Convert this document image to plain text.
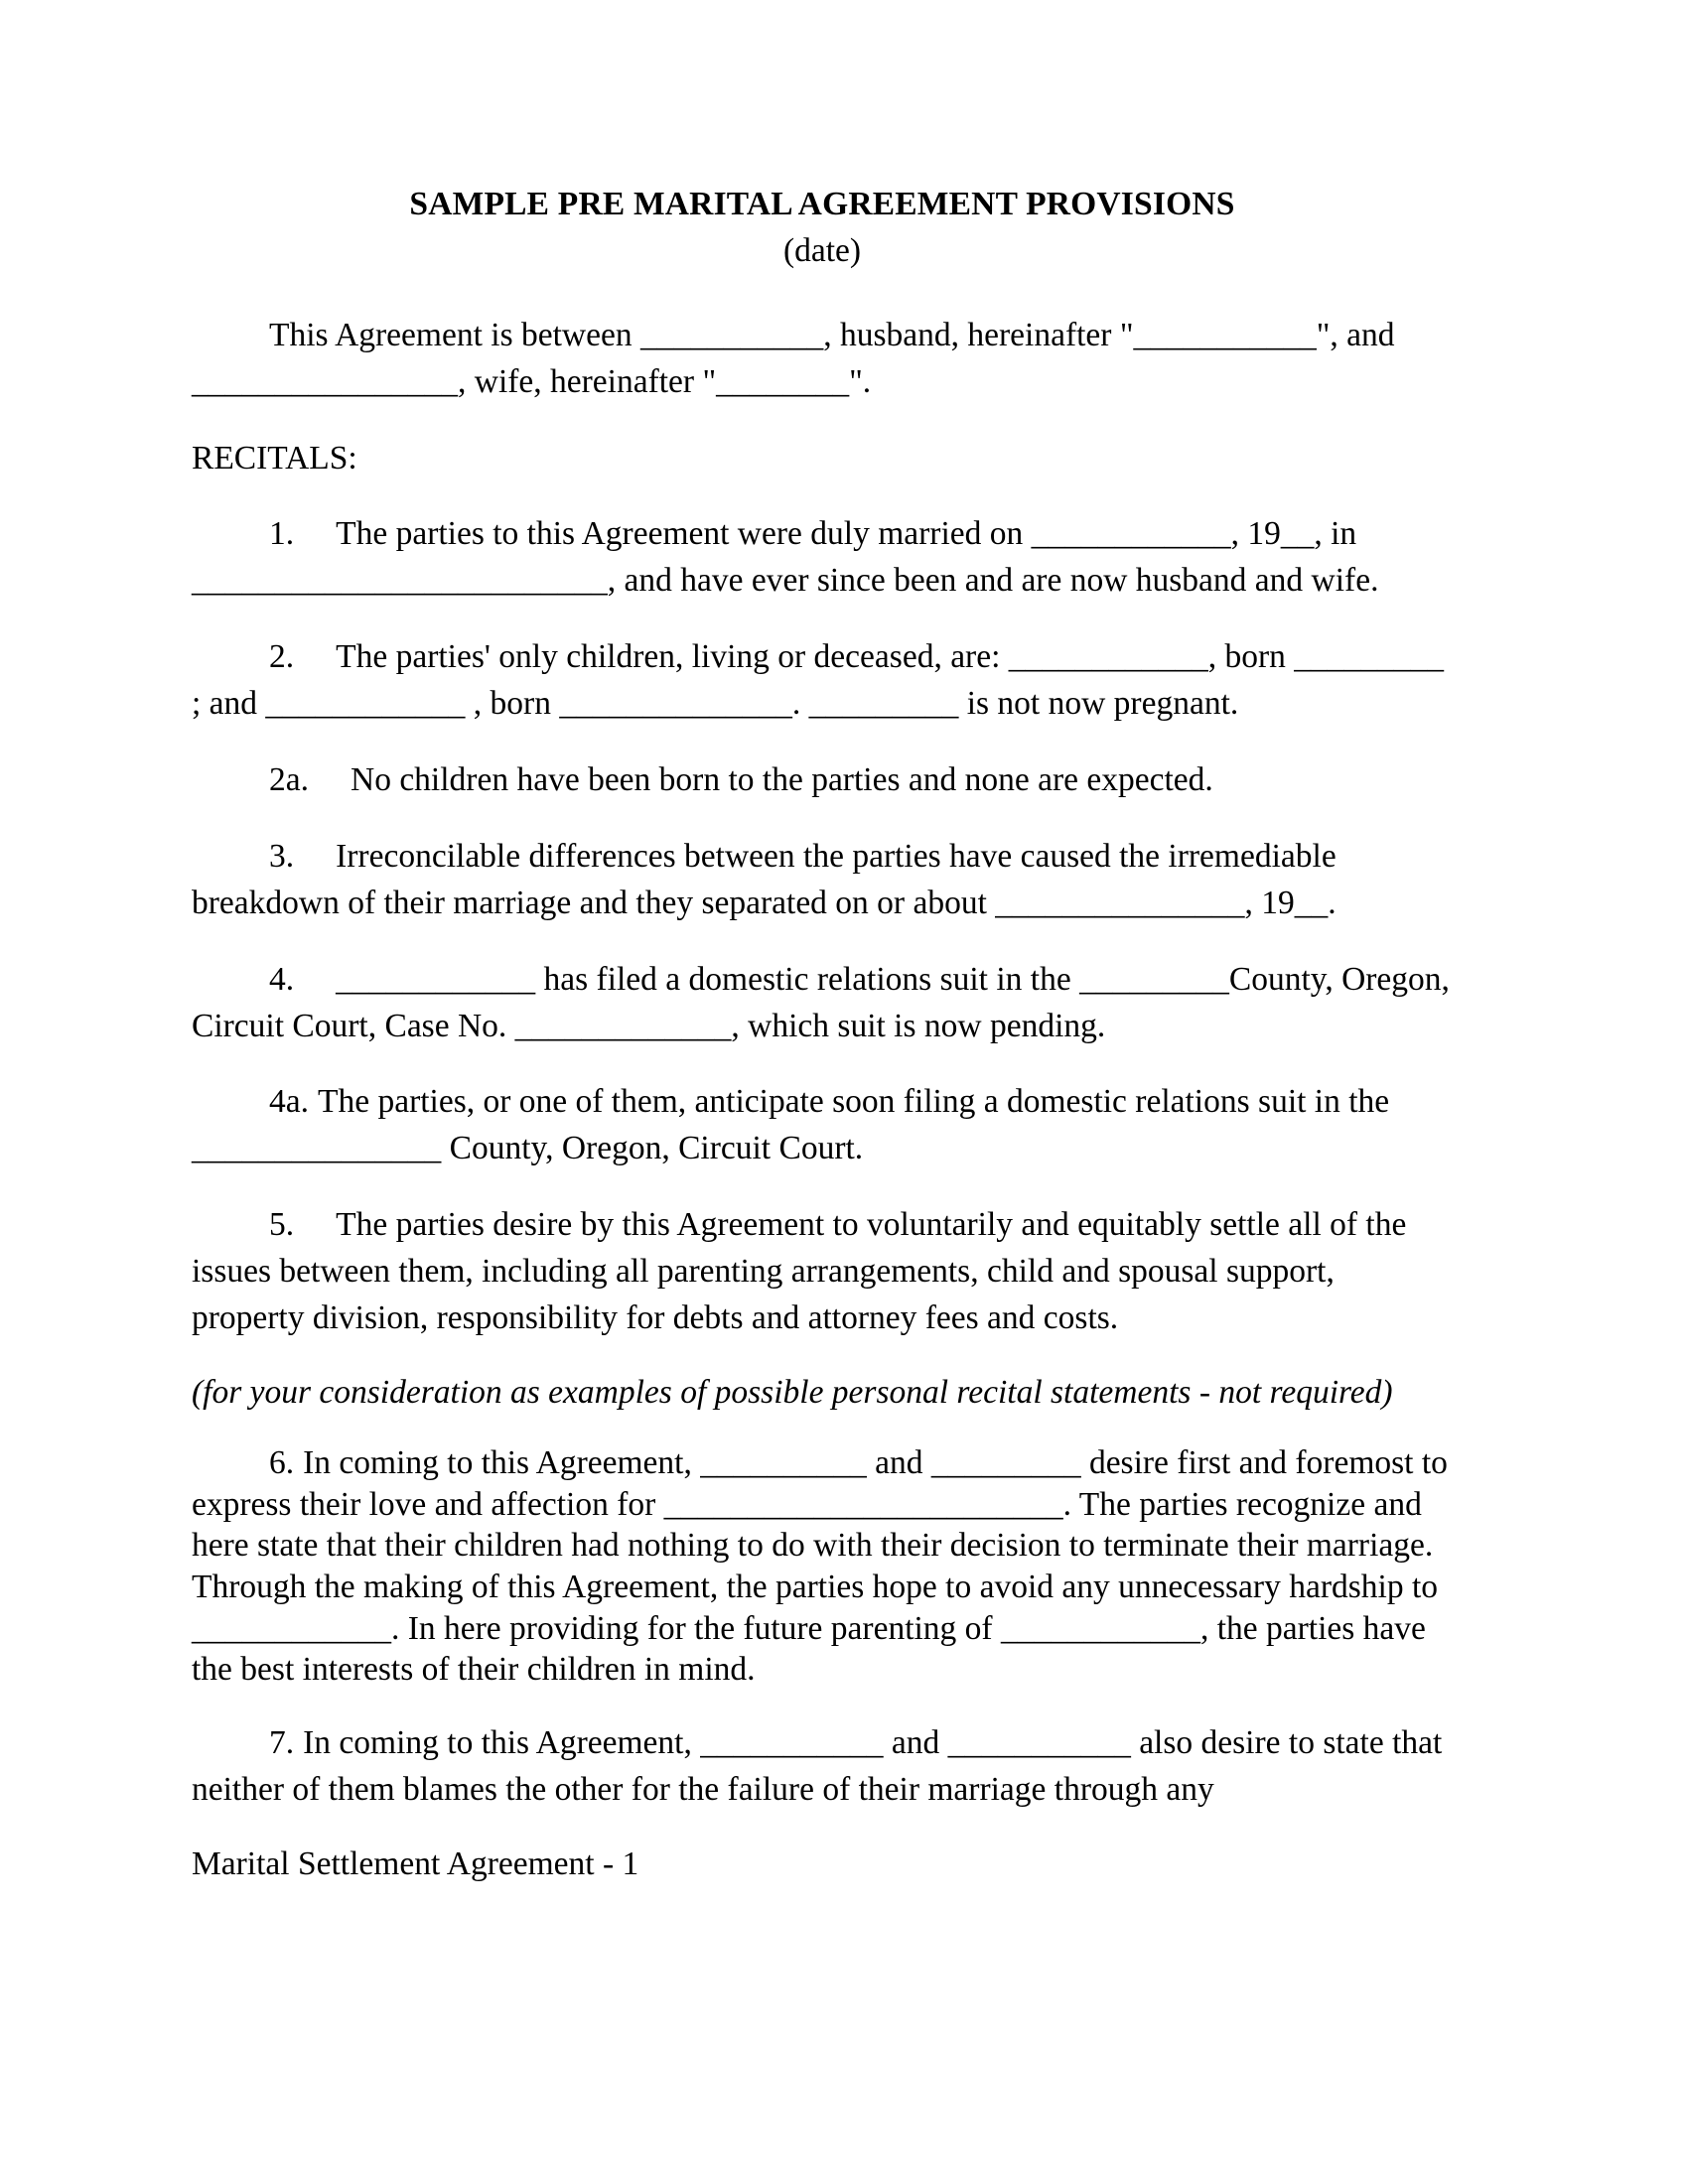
SAMPLE PRE MARITAL AGREEMENT PROVISIONS

(date)

This Agreement is between ___________, husband, hereinafter "___________", and ________________, wife, hereinafter "________".

RECITALS:

1. The parties to this Agreement were duly married on ____________, 19__, in _________________________, and have ever since been and are now husband and wife.

2. The parties' only children, living or deceased, are: ____________, born _________ ; and ____________ , born ______________. _________ is not now pregnant.

2a. No children have been born to the parties and none are expected.

3. Irreconcilable differences between the parties have caused the irremediable breakdown of their marriage and they separated on or about _______________, 19__.

4. ____________ has filed a domestic relations suit in the _________County, Oregon, Circuit Court, Case No. _____________, which suit is now pending.

4a. The parties, or one of them, anticipate soon filing a domestic relations suit in the _______________ County, Oregon, Circuit Court.

5. The parties desire by this Agreement to voluntarily and equitably settle all of the issues between them, including all parenting arrangements, child and spousal support, property division, responsibility for debts and attorney fees and costs.

(for your consideration as examples of possible personal recital statements - not required)

6. In coming to this Agreement, __________ and _________ desire first and foremost to express their love and affection for ________________________. The parties recognize and here state that their children had nothing to do with their decision to terminate their marriage. Through the making of this Agreement, the parties hope to avoid any unnecessary hardship to ____________. In here providing for the future parenting of ____________, the parties have the best interests of their children in mind.

7. In coming to this Agreement, ___________ and ___________ also desire to state that neither of them blames the other for the failure of their marriage through any

Marital Settlement Agreement - 1
